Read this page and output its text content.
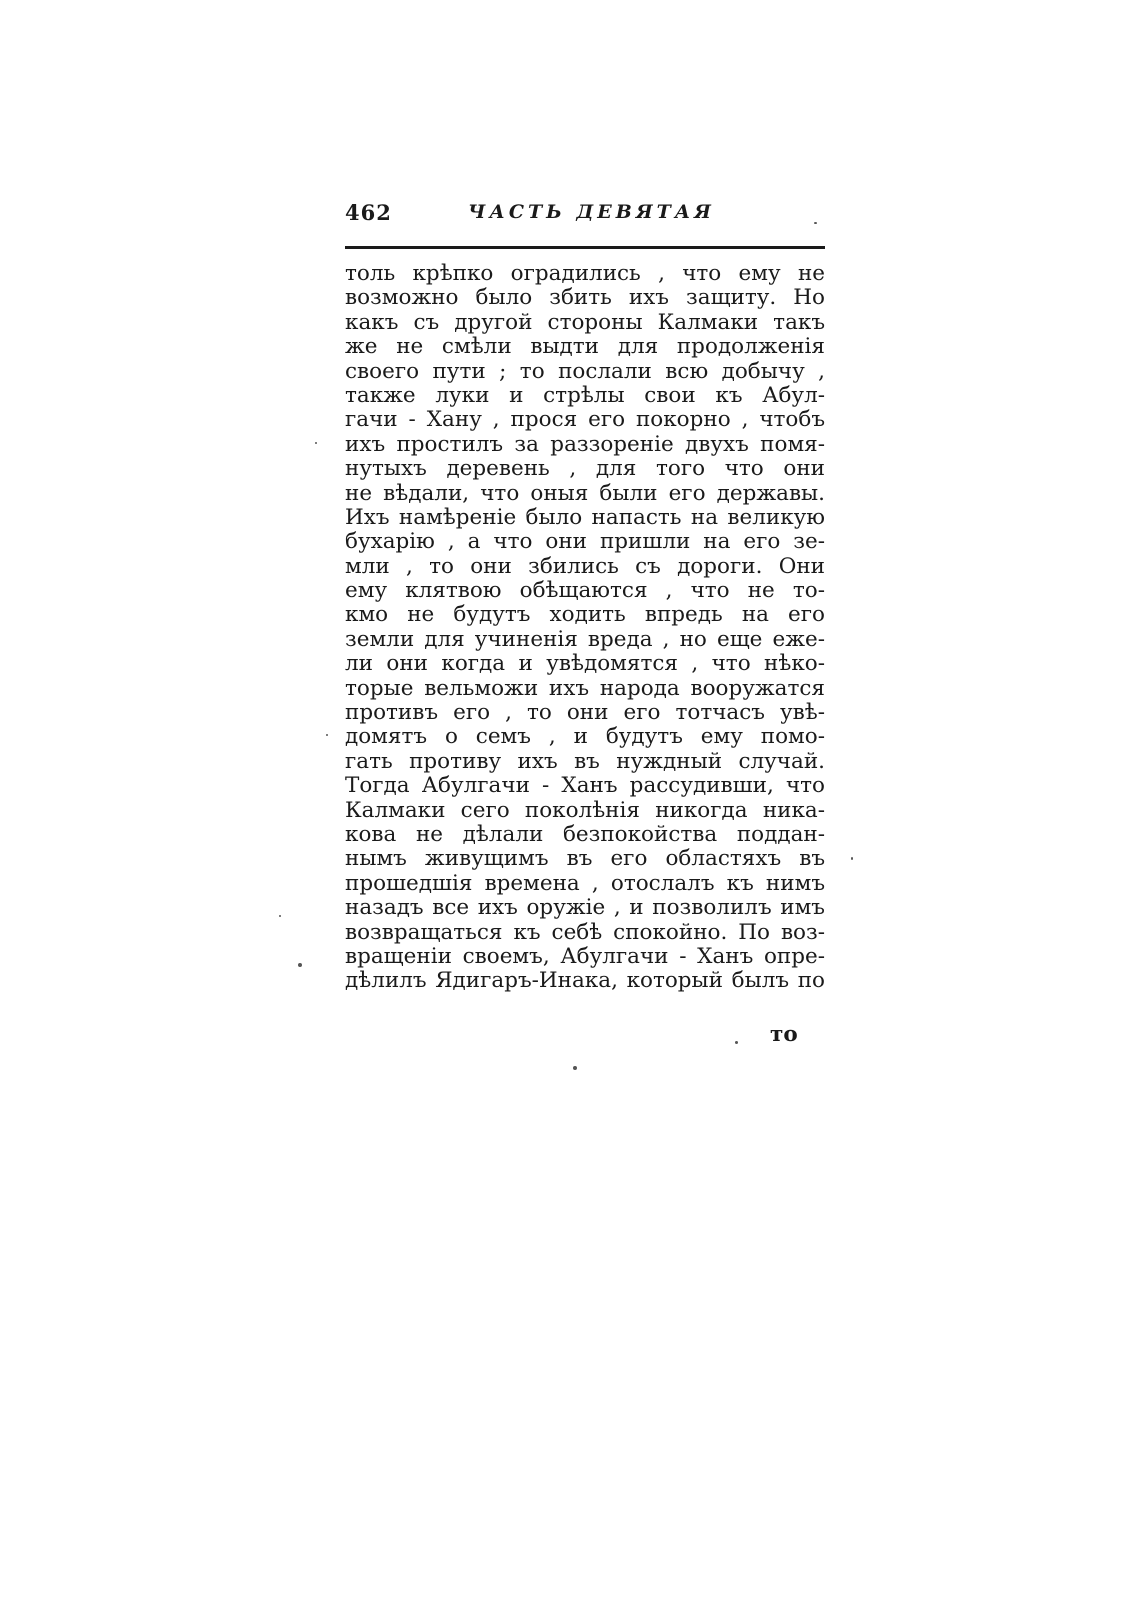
462	ЧАСТЬ ДЕВЯТАЯ
толь крѣпко оградились , что ему не
возможно было збить ихъ защиту. Но
какъ съ другой стороны Калмаки такъ
же не смѣли выдти для продолженія
своего пути ; то послали всю добычу ,
также луки и стрѣлы свои къ Абул-
гачи - Хану , прося его покорно , чтобъ
ихъ простилъ за раззореніе двухъ помя-
нутыхъ деревень , для того что они
не вѣдали, что оныя были его державы.
Ихъ намѣреніе было напасть на великую
бухарію , а что они пришли на его зе-
мли , то они збились съ дороги. Они
ему клятвою обѣщаются , что не то-
кмо не будутъ ходить впредь на его
земли для учиненія вреда , но еще ежe-
ли они когда и увѣдомятся , что нѣко-
торые вельможи ихъ народа вооружатся
противъ его , то они его тотчасъ увѣ-
домятъ о семъ , и будутъ ему помо-
гать противу ихъ въ нуждный случай.
Тогда Абулгачи - Ханъ рассудивши, что
Калмаки сего поколѣнія никогда ника-
кова не дѣлали безпокойства поддан-
нымъ живущимъ въ его областяхъ въ
прошедшія времена , отослалъ къ нимъ
назадъ все ихъ оружіе , и позволилъ имъ
возвращаться къ себѣ спокойно. По воз-
вращеніи своемъ, Абулгачи - Ханъ опре-
дѣлилъ Ядигаръ-Инака, который былъ по
то
